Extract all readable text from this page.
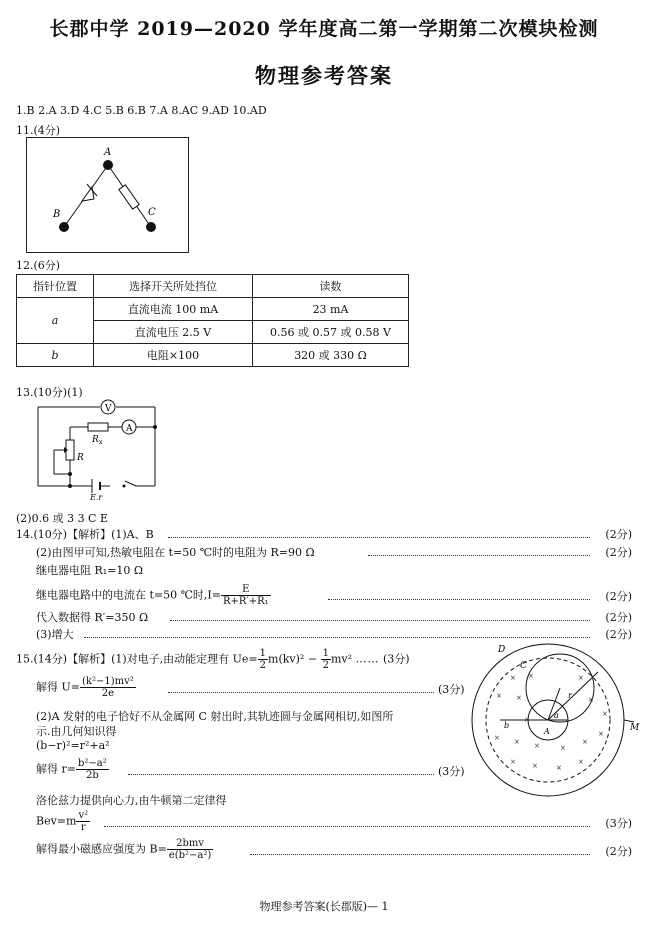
长郡中学 2019—2020 学年度高二第一学期第二次模块检测
物理参考答案
1.B 2.A 3.D 4.C 5.B 6.B 7.A 8.AC 9.AD 10.AD
11.(4分)
A
B	C
12.(6分)
指针位置	选择开关所处挡位	读数
a	直流电流 100 mA	23 mA
	直流电压 2.5 V	0.56 或 0.57 或 0.58 V
b	电阻×100	320 或 330 Ω
13.(10分)(1)
V
A
R x
R
E,r
(2)0.6 或 3 3 C E
14.(10分)【解析】(1)A、B	(2分)
(2)由图甲可知,热敏电阻在 t=50 ℃时的电阻为 R=90 Ω	(2分)
继电器电阻 R₁=10 Ω
继电器电路中的电流在 t=50 ℃时$,I= \frac{E}{\text{R+R′+R₁}}$	(2分)
代入数据得 R′=350 Ω	(2分)
(3)增大	(2分)
15.(14分)【解析】(1)对电子,由动能定理有 $Ue= \frac{1}{2} m(kv)^2 - \frac{1}{2} mv^2$ …… (3分)
解得 $U= \frac{\text{(k²−1)mv²}}{2e}$	(3分)
(2)A 发射的电子恰好不从金属网 C 射出时,其轨迹圆与金属网相切,如图所
示.由几何知识得
(b−r)²=r²+a²
解得 $r= \frac{\text{b²−a²}}{2b}$	(3分)
洛伦兹力提供向心力,由牛顿第二定律得
$Bev=m \frac{\text{v²}}{r}$	(3分)
解得最小磁感应强度为 $B= \frac{\text{2bmv}}{\text{e(b²−a²)}}$	(2分)
× ×	×
× ×	×
× × ×	×
×
×
× ×	×
×
×
×
D
C
M
b
a
r
A
物理参考答案(长郡版)— 1
